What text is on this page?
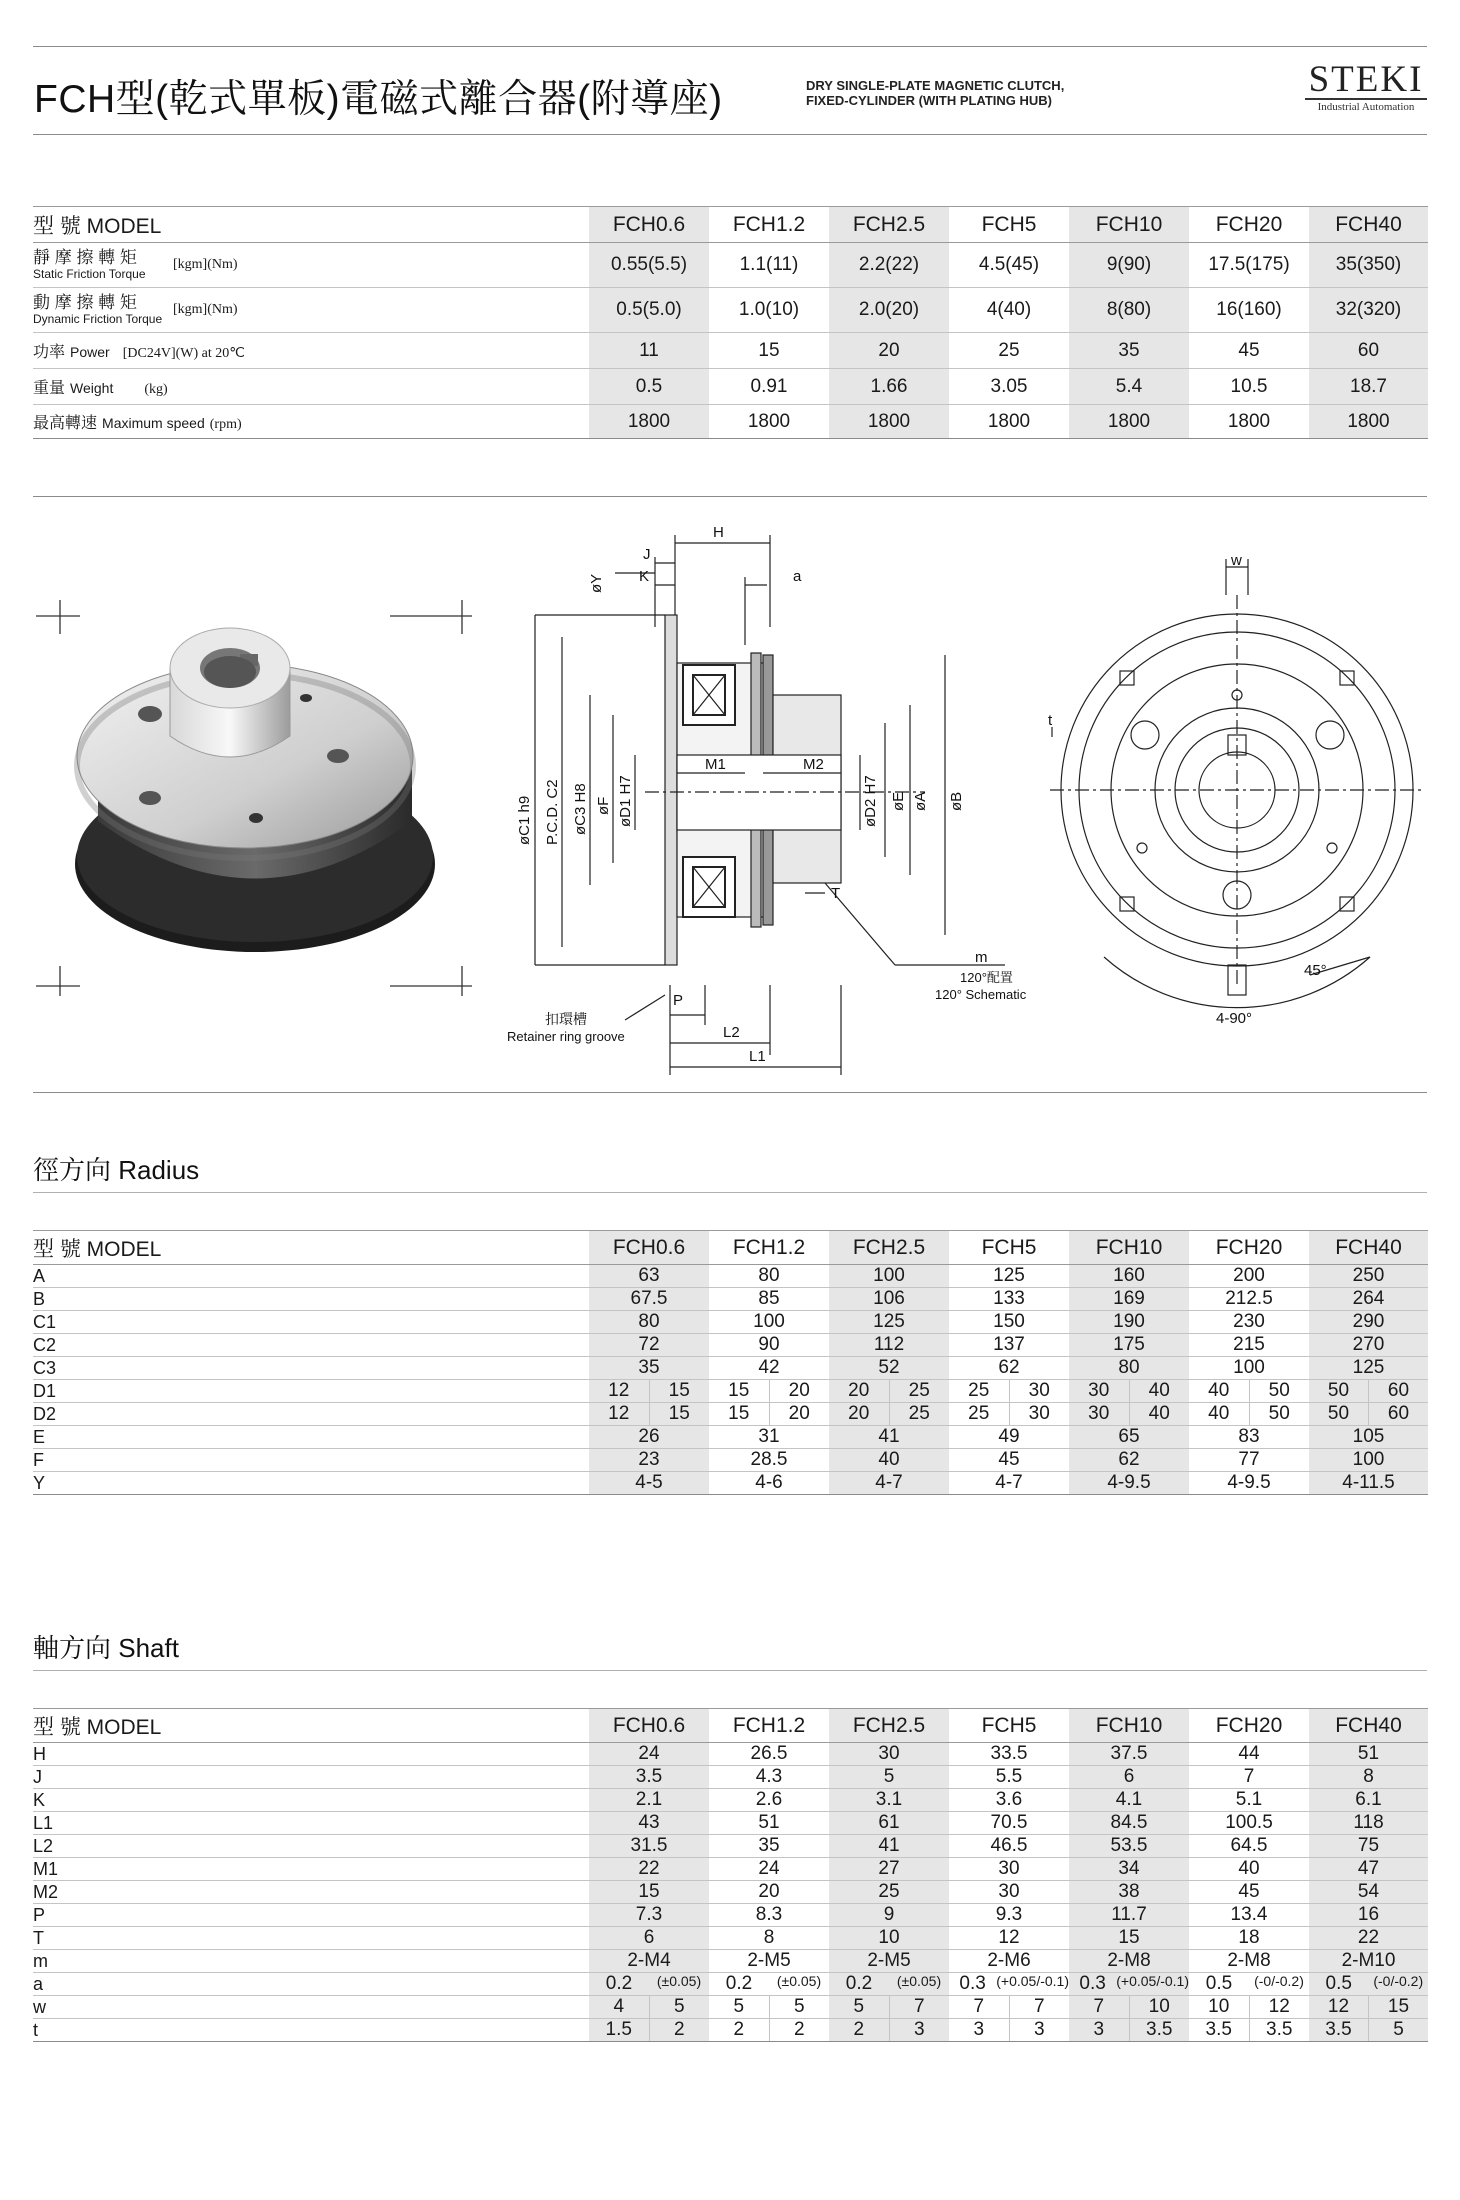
FCH型(乾式單板)電磁式離合器(附導座)	DRY SINGLE-PLATE MAGNETIC CLUTCH,
FIXED-CYLINDER (WITH PLATING HUB)
STEKI
Industrial Automation
型 號 MODEL	FCH0.6	FCH1.2	FCH2.5	FCH5	FCH10	FCH20	FCH40

靜 摩 擦 轉 矩
Static Friction Torque
[kgm](Nm)	0.55(5.5)	1.1(11)	2.2(22)	4.5(45)	9(90)	17.5(175)	35(350)

動 摩 擦 轉 矩
Dynamic Friction Torque
[kgm](Nm)	0.5(5.0)	1.0(10)	2.0(20)	4(40)	8(80)	16(160)	32(320)
功率 Power [DC24V](W) at 20℃	11	15	20	25	35	45	60
重量 Weight (kg)	0.5	0.91	1.66	3.05	5.4	10.5	18.7
最高轉速 Maximum speed (rpm)	1800	1800	1800	1800	1800	1800	1800
H
J
K	a
øY
øC1 h9 P.C.D. C2 øC3 H8 øF øD1 H7
M1	M2
øD2 H7 øE øA øB
T
P
L2
L1
m
120°配置
120° Schematic
扣環槽
Retainer ring groove
w
t
45°
4-90°
徑方向 Radius
型 號 MODEL	FCH0.6	FCH1.2	FCH2.5	FCH5	FCH10	FCH20	FCH40
A	63	80	100	125	160	200	250
B	67.5	85	106	133	169	212.5	264
C1	80	100	125	150	190	230	290
C2	72	90	112	137	175	215	270
C3	35	42	52	62	80	100	125
D1	12 15	15 20	20 25	25 30	30 40	40 50	50 60

D2	12 15	15 20	20 25	25 30	30 40	40 50	50 60

E	26	31	41	49	65	83	105
F	23	28.5	40	45	62	77	100
Y	4-5	4-6	4-7	4-7	4-9.5	4-9.5	4-11.5
軸方向 Shaft
型 號 MODEL	FCH0.6	FCH1.2	FCH2.5	FCH5	FCH10	FCH20	FCH40
H	24	26.5	30	33.5	37.5	44	51
J	3.5	4.3	5	5.5	6	7	8
K	2.1	2.6	3.1	3.6	4.1	5.1	6.1
L1	43	51	61	70.5	84.5	100.5	118
L2	31.5	35	41	46.5	53.5	64.5	75
M1	22	24	27	30	34	40	47
M2	15	20	25	30	38	45	54
P	7.3	8.3	9	9.3	11.7	13.4	16
T	6	8	10	12	15	18	22
m	2-M4	2-M5	2-M5	2-M6	2-M8	2-M8	2-M10
a	0.2 (±0.05)	0.2 (±0.05)	0.2 (±0.05)	0.3 (+0.05/-0.1)	0.3 (+0.05/-0.1)	0.5 (-0/-0.2)	0.5 (-0/-0.2)

w	4 5	5 5	5 7	7 7	7 10	10 12	12 15

t	1.5 2	2 2	2 3	3 3	3 3.5	3.5 3.5	3.5 5
